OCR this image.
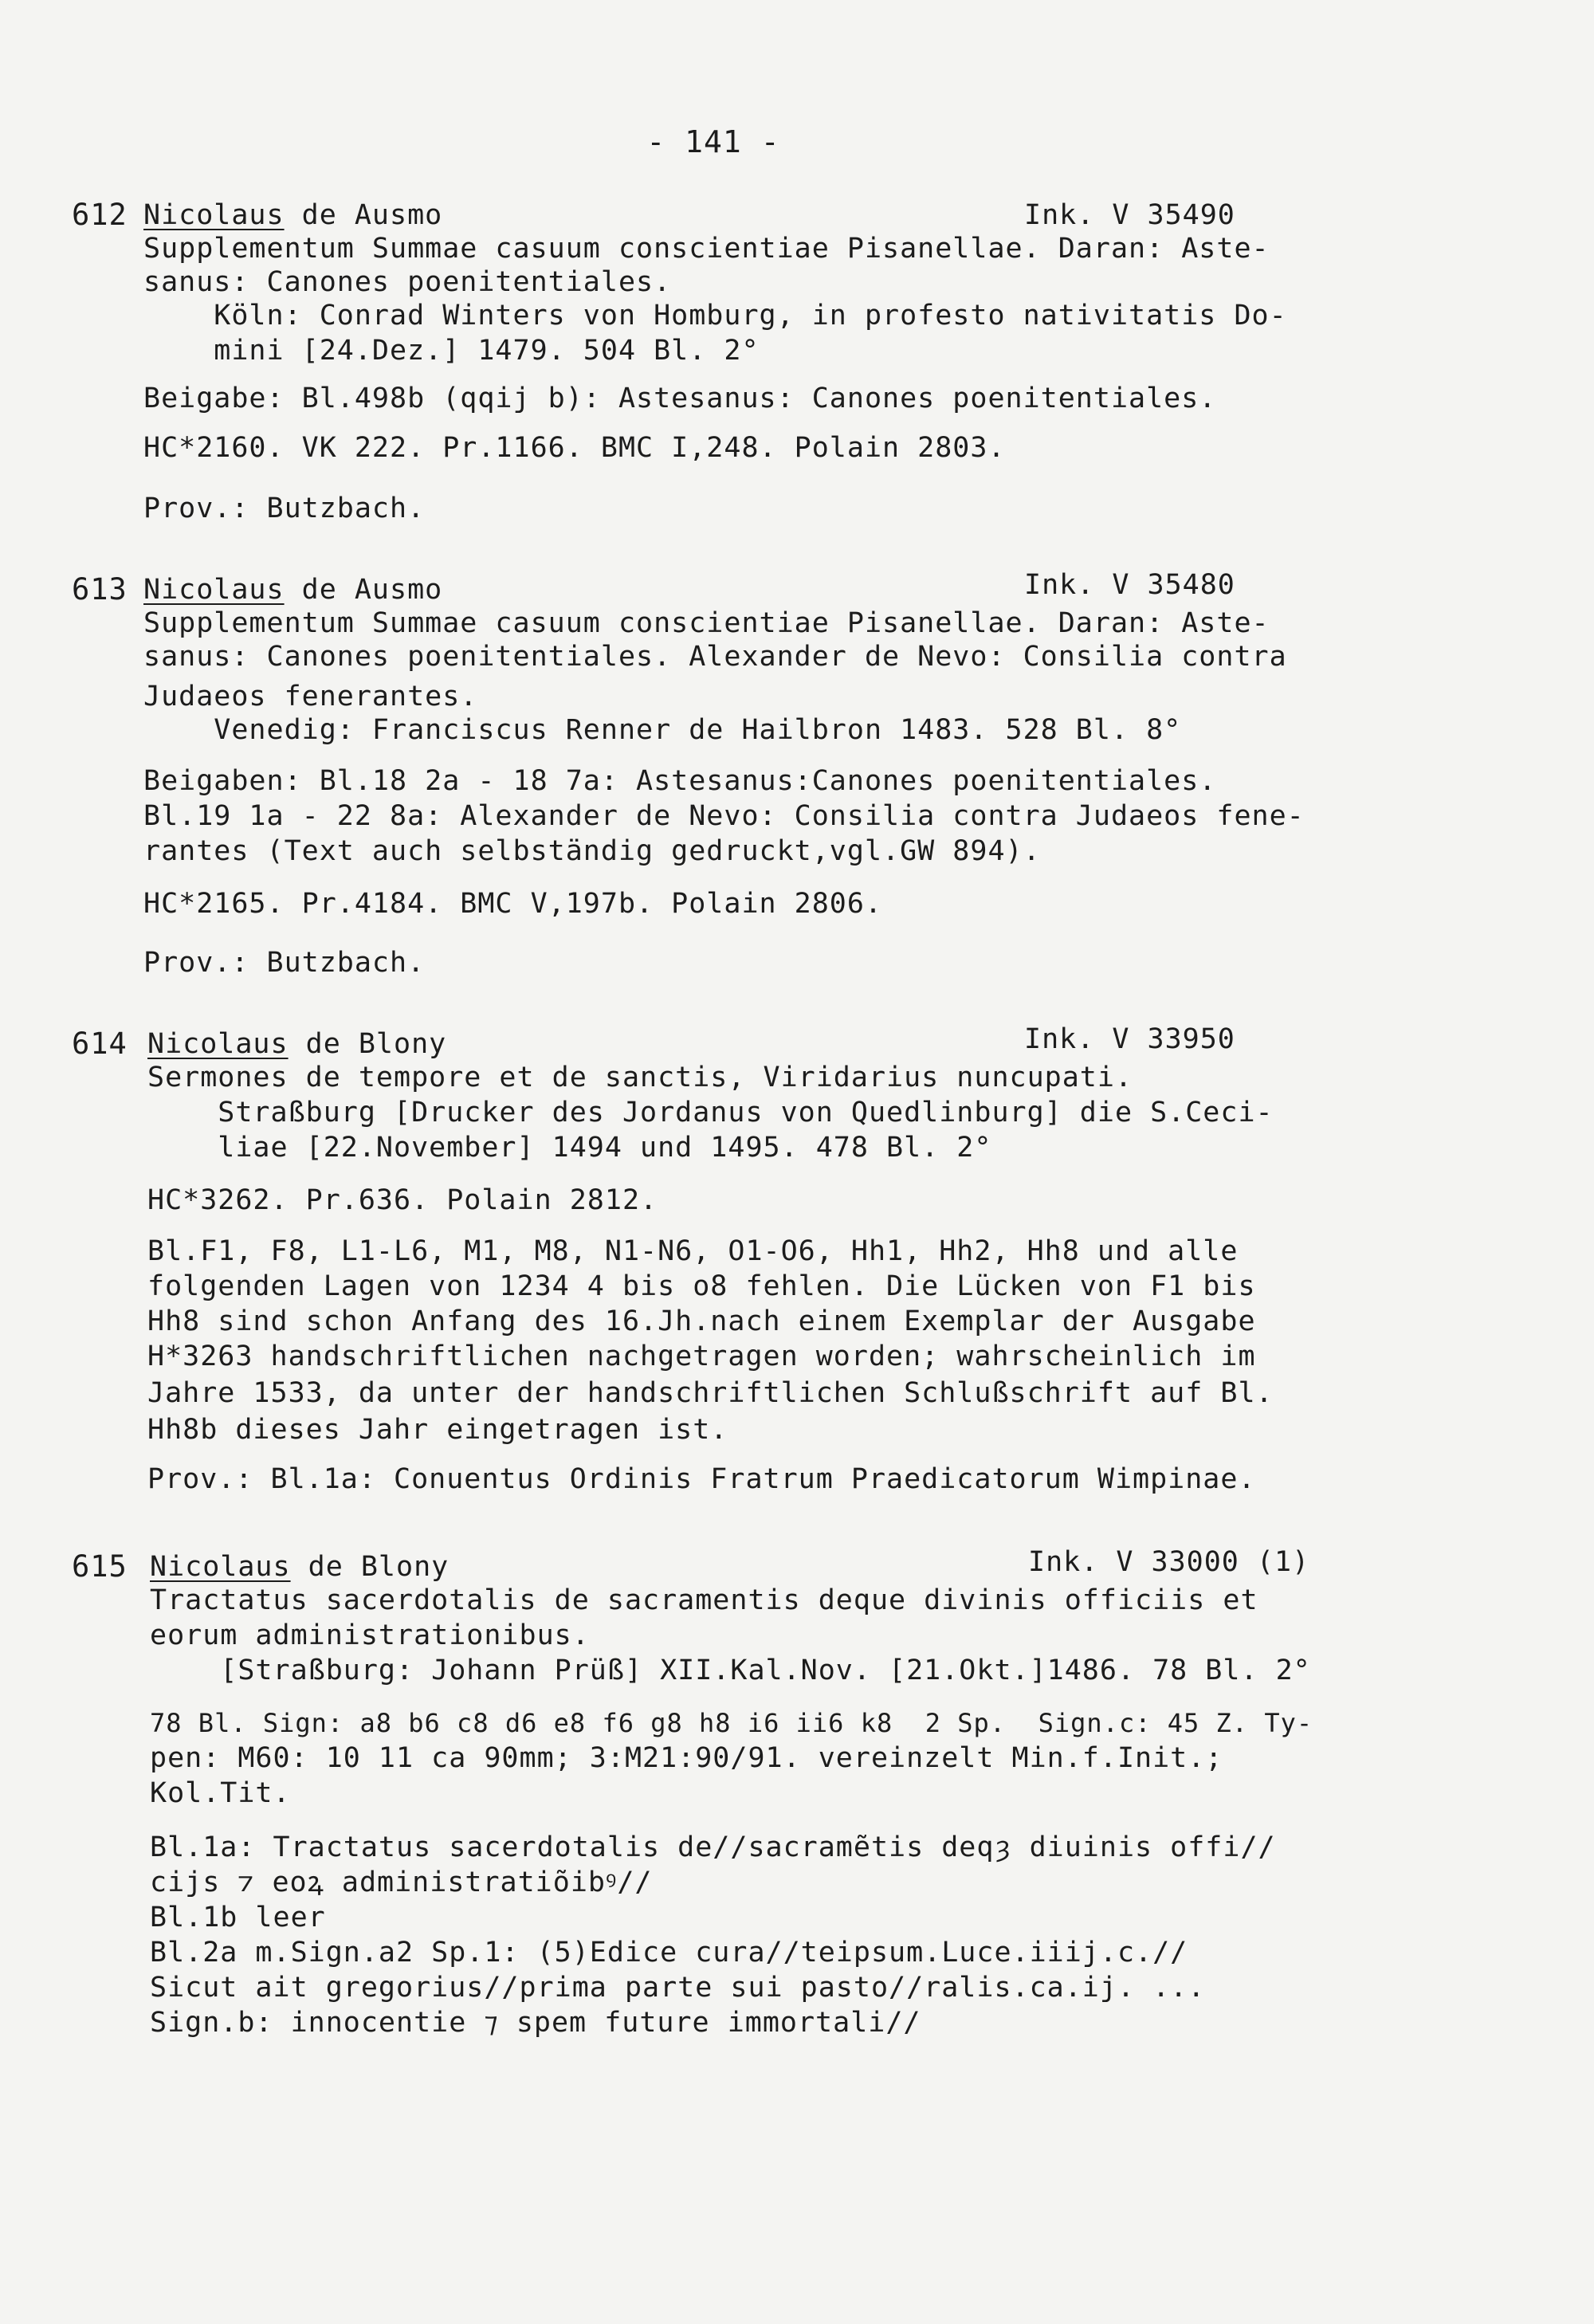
- 141 -
612 Nicolaus de Ausmo	Ink. V 35490
Supplementum Summae casuum conscientiae Pisanellae. Daran: Aste-
sanus: Canones poenitentiales.
Köln: Conrad Winters von Homburg, in profesto nativitatis Do-
mini [24.Dez.] 1479. 504 Bl. 2°
Beigabe: Bl.498b (qqij b): Astesanus: Canones poenitentiales.
HC*2160. VK 222. Pr.1166. BMC I,248. Polain 2803.
Prov.: Butzbach.
613 Nicolaus de Ausmo	Ink. V 35480
Supplementum Summae casuum conscientiae Pisanellae. Daran: Aste-
sanus: Canones poenitentiales. Alexander de Nevo: Consilia contra
Judaeos fenerantes.
Venedig: Franciscus Renner de Hailbron 1483. 528 Bl. 8°
Beigaben: Bl.18 2a - 18 7a: Astesanus:Canones poenitentiales.
Bl.19 1a - 22 8a: Alexander de Nevo: Consilia contra Judaeos fene-
rantes (Text auch selbständig gedruckt,vgl.GW 894).
HC*2165. Pr.4184. BMC V,197b. Polain 2806.
Prov.: Butzbach.
614 Nicolaus de Blony	Ink. V 33950
Sermones de tempore et de sanctis, Viridarius nuncupati.
Straßburg [Drucker des Jordanus von Quedlinburg] die S.Ceci-
liae [22.November] 1494 und 1495. 478 Bl. 2°
HC*3262. Pr.636. Polain 2812.
Bl.F1, F8, L1-L6, M1, M8, N1-N6, O1-O6, Hh1, Hh2, Hh8 und alle
folgenden Lagen von 1234 4 bis o8 fehlen. Die Lücken von F1 bis
Hh8 sind schon Anfang des 16.Jh.nach einem Exemplar der Ausgabe
H*3263 handschriftlichen nachgetragen worden; wahrscheinlich im
Jahre 1533, da unter der handschriftlichen Schlußschrift auf Bl.
Hh8b dieses Jahr eingetragen ist.
Prov.: Bl.1a: Conuentus Ordinis Fratrum Praedicatorum Wimpinae.
615 Nicolaus de Blony	Ink. V 33000 (1)
Tractatus sacerdotalis de sacramentis deque divinis officiis et
eorum administrationibus.
[Straßburg: Johann Prüß] XII.Kal.Nov. [21.Okt.]1486. 78 Bl. 2°
78 Bl. Sign: a8 b6 c8 d6 e8 f6 g8 h8 i6 ii6 k8  2 Sp.  Sign.c: 45 Z. Ty-
pen: M60: 10 11 ca 90mm; 3:M21:90/91. vereinzelt Min.f.Init.;
Kol.Tit.
Bl.1a: Tractatus sacerdotalis de//sacramẽtis deqȝ diuinis offi//
cijs ⁊ eoꝝ administratiõibꝰ//
Bl.1b leer
Bl.2a m.Sign.a2 Sp.1: (5)Edice cura//teipsum.Luce.iiij.c.//
Sicut ait gregorius//prima parte sui pasto//ralis.ca.ij. ...
Sign.b: innocentie ⁊ spem future immortali//
